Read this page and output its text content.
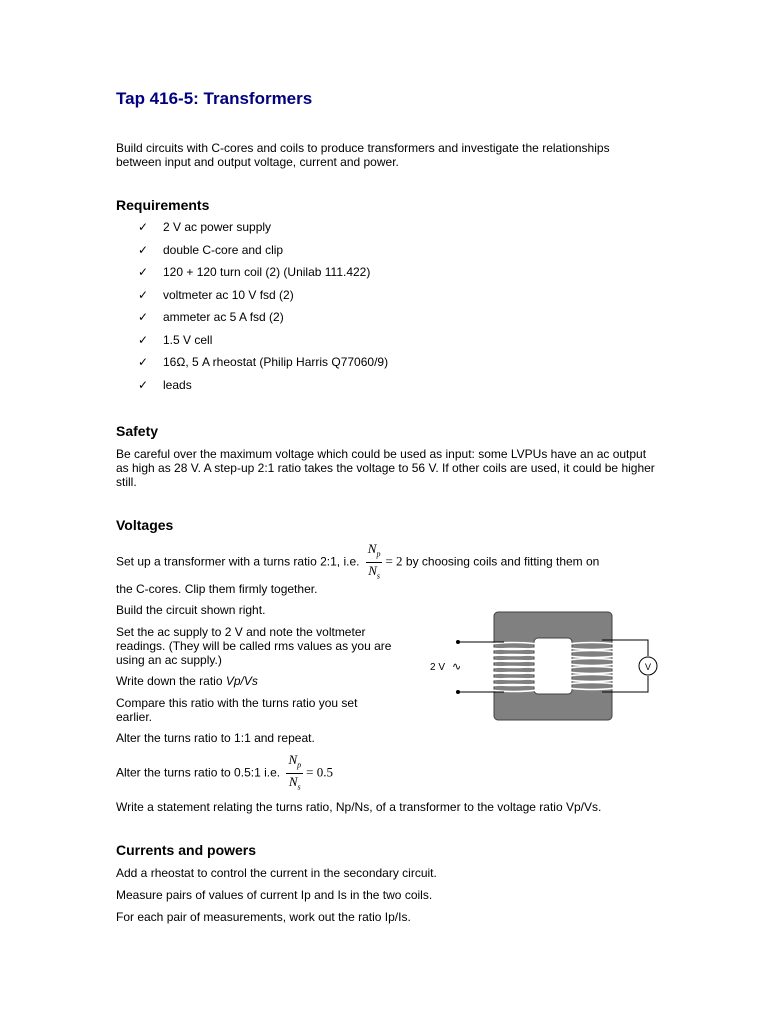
Tap 416-5: Transformers

Build circuits with C-cores and coils to produce transformers and investigate the relationships between input and output voltage, current and power.

Requirements
✓ 2 V ac power supply
✓ double C-core and clip
✓ 120 + 120 turn coil (2) (Unilab 111.422)
✓ voltmeter ac 10 V fsd (2)
✓ ammeter ac 5 A fsd (2)
✓ 1.5 V cell
✓ 16Ω, 5 A rheostat (Philip Harris Q77060/9)
✓ leads
Safety

Be careful over the maximum voltage which could be used as input: some LVPUs have an ac output as high as 28 V. A step-up 2:1 ratio takes the voltage to 56 V. If other coils are used, it could be higher still.

Voltages
Set up a transformer with a turns ratio 2:1, i.e. $\frac{N_p}{N_s} = 2$ by choosing coils and fitting them on

the C-cores. Clip them firmly together.

Build the circuit shown right.

Set the ac supply to 2 V and note the voltmeter readings. (They will be called rms values as you are using an ac supply.)

Write down the ratio Vp/Vs

Compare this ratio with the turns ratio you set earlier.

Alter the turns ratio to 1:1 and repeat.

Alter the turns ratio to 0.5:1 i.e. $\frac{N_p}{N_s} = 0.5$

Write a statement relating the turns ratio, Np/Ns, of a transformer to the voltage ratio Vp/Vs.

Currents and powers

Add a rheostat to control the current in the secondary circuit.

Measure pairs of values of current Ip and Is in the two coils.

For each pair of measurements, work out the ratio Ip/Is.

2 V ∿	V
